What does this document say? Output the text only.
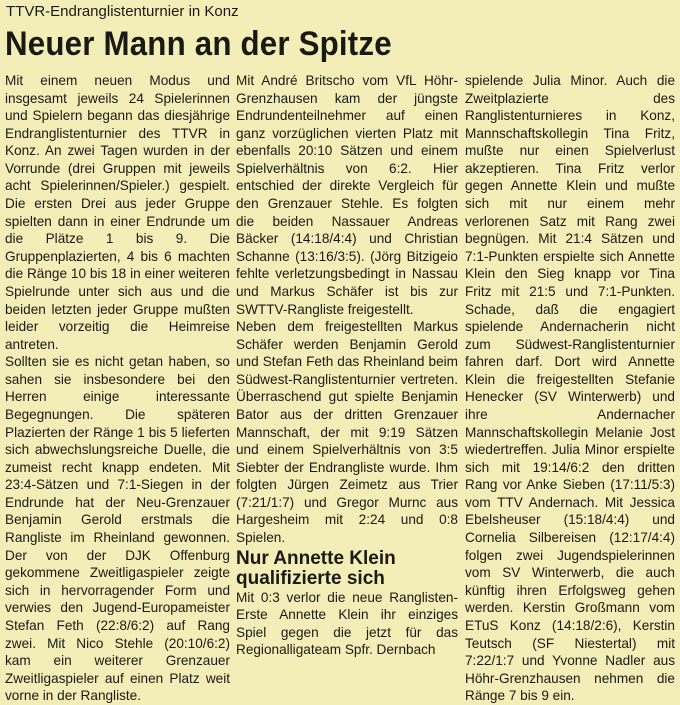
TTVR-Endranglistenturnier in Konz
Neuer Mann an der Spitze

Mit einem neuen Modus und insgesamt jeweils 24 Spielerinnen und Spielern begann das diesjährige Endranglistenturnier des TTVR in Konz. An zwei Tagen wurden in der Vorrunde (drei Gruppen mit jeweils acht Spielerinnen/Spieler.) gespielt. Die ersten Drei aus jeder Gruppe spielten dann in einer Endrunde um die Plätze 1 bis 9. Die Gruppenplazierten, 4 bis 6 machten die Ränge 10 bis 18 in einer weiteren Spielrunde unter sich aus und die beiden letzten jeder Gruppe mußten leider vorzeitig die Heimreise antreten.

Sollten sie es nicht getan haben, so sahen sie insbesondere bei den Herren einige interessante Begegnungen. Die späteren Plazierten der Ränge 1 bis 5 lieferten sich abwechslungsreiche Duelle, die zumeist recht knapp endeten. Mit 23:4-Sätzen und 7:1-Siegen in der Endrunde hat der Neu-Grenzauer Benjamin Gerold erstmals die Rangliste im Rheinland gewonnen. Der von der DJK Offenburg gekommene Zweitligaspieler zeigte sich in hervorragender Form und verwies den Jugend-Europameister Stefan Feth (22:8/6:2) auf Rang zwei. Mit Nico Stehle (20:10/6:2) kam ein weiterer Grenzauer Zweitligaspieler auf einen Platz weit vorne in der Rangliste.

Mit André Britscho vom VfL Höhr-Grenzhausen kam der jüngste Endrundenteilnehmer auf einen ganz vorzüglichen vierten Platz mit ebenfalls 20:10 Sätzen und einem Spielverhältnis von 6:2. Hier entschied der direkte Vergleich für den Grenzauer Stehle. Es folgten die beiden Nassauer Andreas Bäcker (14:18/4:4) und Christian Schanne (13:16/3:5). (Jörg Bitzigeio fehlte verletzungsbedingt in Nassau und Markus Schäfer ist bis zur SWTTV-Rangliste freigestellt.

Neben dem freigestellten Markus Schäfer werden Benjamin Gerold und Stefan Feth das Rheinland beim Südwest-Ranglistenturnier vertreten. Überraschend gut spielte Benjamin Bator aus der dritten Grenzauer Mannschaft, der mit 9:19 Sätzen und einem Spielverhältnis von 3:5 Siebter der Endrangliste wurde. Ihm folgten Jürgen Zeimetz aus Trier (7:21/1:7) und Gregor Murnc aus Hargesheim mit 2:24 und 0:8 Spielen.

Nur Annette Klein
qualifizierte sich

Mit 0:3 verlor die neue Ranglisten-Erste Annette Klein ihr einziges Spiel gegen die jetzt für das Regionalligateam Spfr. Dernbach

spielende Julia Minor. Auch die Zweitplazierte des Ranglistenturnieres in Konz, Mannschaftskollegin Tina Fritz, mußte nur einen Spielverlust akzeptieren. Tina Fritz verlor gegen Annette Klein und mußte sich mit nur einem mehr verlorenen Satz mit Rang zwei begnügen. Mit 21:4 Sätzen und 7:1-Punkten erspielte sich Annette Klein den Sieg knapp vor Tina Fritz mit 21:5 und 7:1-Punkten. Schade, daß die engagiert spielende Andernacherin nicht zum Südwest-Ranglistenturnier fahren darf. Dort wird Annette Klein die freigestellten Stefanie Henecker (SV Winterwerb) und ihre Andernacher Mannschaftskollegin Melanie Jost wiedertreffen. Julia Minor erspielte sich mit 19:14/6:2 den dritten Rang vor Anke Sieben (17:11/5:3) vom TTV Andernach. Mit Jessica Ebelsheuser (15:18/4:4) und Cornelia Silbereisen (12:17/4:4) folgen zwei Jugendspielerinnen vom SV Winterwerb, die auch künftig ihren Erfolgsweg gehen werden. Kerstin Großmann vom ETuS Konz (14:18/2:6), Kerstin Teutsch (SF Niestertal) mit 7:22/1:7 und Yvonne Nadler aus Höhr-Grenzhausen nehmen die Ränge 7 bis 9 ein.
